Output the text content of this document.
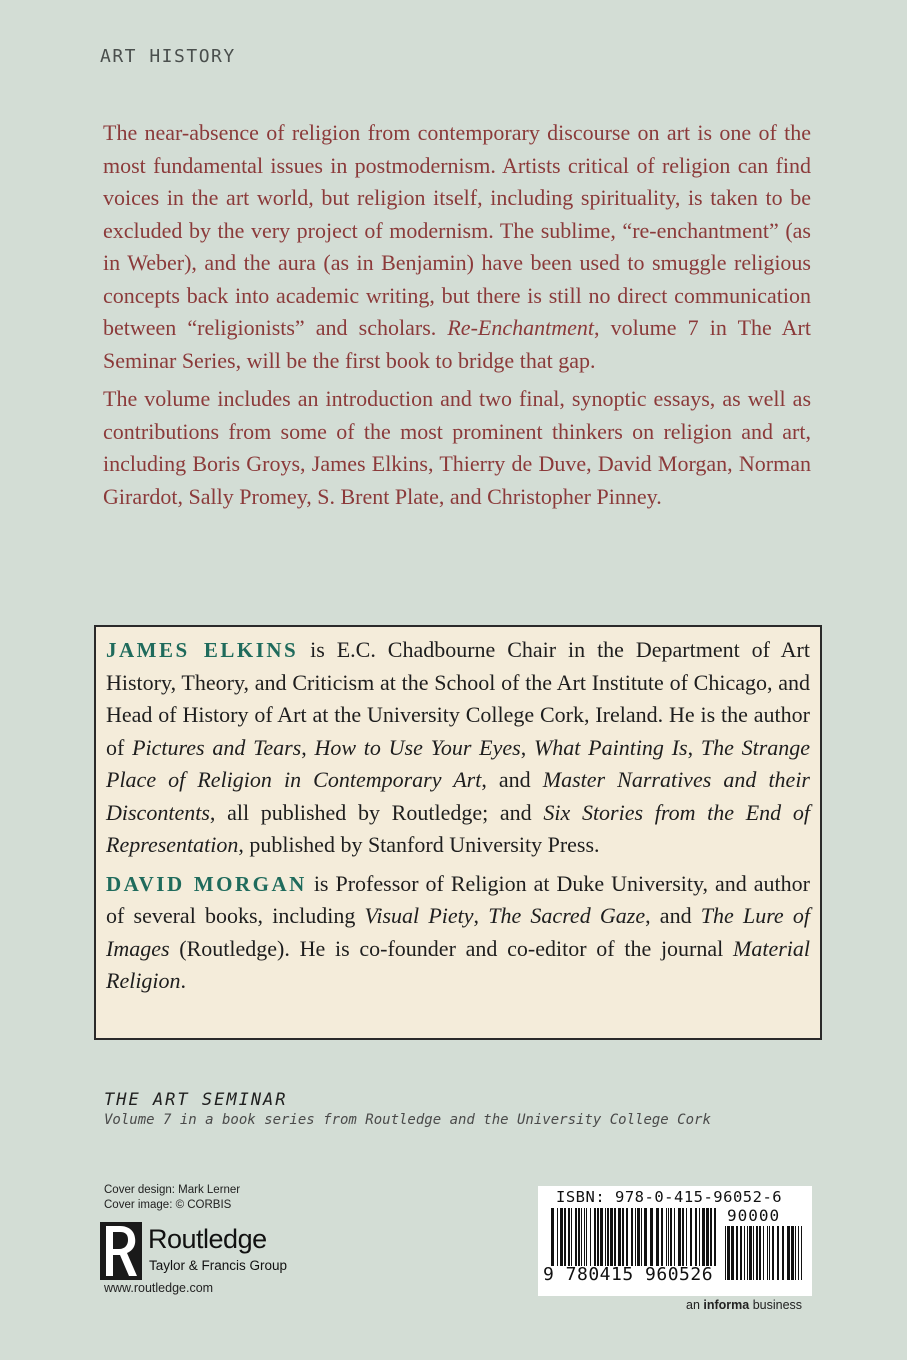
ART HISTORY

The near-absence of religion from contemporary discourse on art is one of the most fundamental issues in postmodernism. Artists critical of religion can find voices in the art world, but religion itself, including spirituality, is taken to be excluded by the very project of modernism. The sublime, “re-enchantment” (as in Weber), and the aura (as in Benjamin) have been used to smuggle religious concepts back into academic writing, but there is still no direct communication between “religionists” and scholars. Re-Enchantment, volume 7 in The Art Seminar Series, will be the first book to bridge that gap.

The volume includes an introduction and two final, synoptic essays, as well as contributions from some of the most prominent thinkers on religion and art, including Boris Groys, James Elkins, Thierry de Duve, David Morgan, Norman Girardot, Sally Promey, S. Brent Plate, and Christopher Pinney.

JAMES ELKINS is E.C. Chadbourne Chair in the Department of Art History, Theory, and Criticism at the School of the Art Institute of Chicago, and Head of History of Art at the University College Cork, Ireland. He is the author of Pictures and Tears, How to Use Your Eyes, What Painting Is, The Strange Place of Religion in Contemporary Art, and Master Narratives and their Discontents, all published by Routledge; and Six Stories from the End of Representation, published by Stanford University Press.

DAVID MORGAN is Professor of Religion at Duke University, and author of several books, including Visual Piety, The Sacred Gaze, and The Lure of Images (Routledge). He is co-founder and co-editor of the journal Material Religion.

THE ART SEMINAR
Volume 7 in a book series from Routledge and the University College Cork
Cover design: Mark Lerner
Cover image: © CORBIS
Routledge
Taylor & Francis Group
www.routledge.com
ISBN: 978-0-415-96052-6
90000
9 780415 960526
an informa business
